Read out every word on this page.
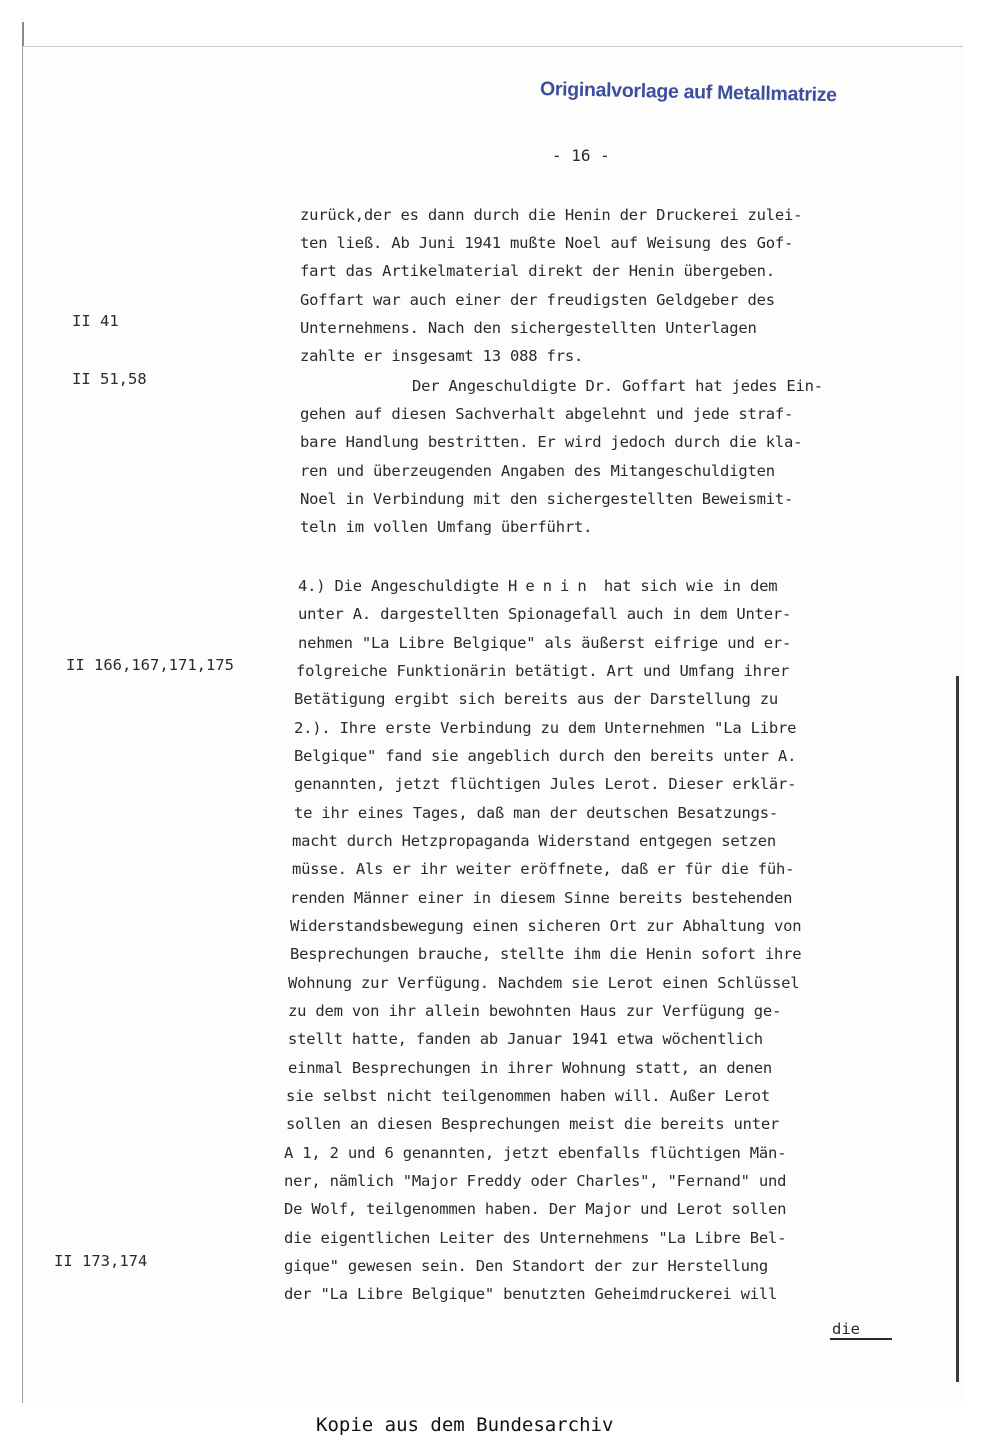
Originalvorlage auf Metallmatrize
- 16 -
II 41
II 51,58
II 166,167,171,175
II 173,174
zurück,der es dann durch die Henin der Druckerei zulei-
ten ließ. Ab Juni 1941 mußte Noel auf Weisung des Gof-
fart das Artikelmaterial direkt der Henin übergeben.
Goffart war auch einer der freudigsten Geldgeber des
Unternehmens. Nach den sichergestellten Unterlagen
zahlte er insgesamt 13 088 frs.
Der Angeschuldigte Dr. Goffart hat jedes Ein-
gehen auf diesen Sachverhalt abgelehnt und jede straf-
bare Handlung bestritten. Er wird jedoch durch die kla-
ren und überzeugenden Angaben des Mitangeschuldigten
Noel in Verbindung mit den sichergestellten Beweismit-
teln im vollen Umfang überführt.
4.) Die Angeschuldigte Henin hat sich wie in dem
unter A. dargestellten Spionagefall auch in dem Unter-
nehmen "La Libre Belgique" als äußerst eifrige und er-
folgreiche Funktionärin betätigt. Art und Umfang ihrer
Betätigung ergibt sich bereits aus der Darstellung zu
2.). Ihre erste Verbindung zu dem Unternehmen "La Libre
Belgique" fand sie angeblich durch den bereits unter A.
genannten, jetzt flüchtigen Jules Lerot. Dieser erklär-
te ihr eines Tages, daß man der deutschen Besatzungs-
macht durch Hetzpropaganda Widerstand entgegen setzen
müsse. Als er ihr weiter eröffnete, daß er für die füh-
renden Männer einer in diesem Sinne bereits bestehenden
Widerstandsbewegung einen sicheren Ort zur Abhaltung von
Besprechungen brauche, stellte ihm die Henin sofort ihre
Wohnung zur Verfügung. Nachdem sie Lerot einen Schlüssel
zu dem von ihr allein bewohnten Haus zur Verfügung ge-
stellt hatte, fanden ab Januar 1941 etwa wöchentlich
einmal Besprechungen in ihrer Wohnung statt, an denen
sie selbst nicht teilgenommen haben will. Außer Lerot
sollen an diesen Besprechungen meist die bereits unter
A 1, 2 und 6 genannten, jetzt ebenfalls flüchtigen Män-
ner, nämlich "Major Freddy oder Charles", "Fernand" und
De Wolf, teilgenommen haben. Der Major und Lerot sollen
die eigentlichen Leiter des Unternehmens "La Libre Bel-
gique" gewesen sein. Den Standort der zur Herstellung
der "La Libre Belgique" benutzten Geheimdruckerei will
die
Kopie aus dem Bundesarchiv
